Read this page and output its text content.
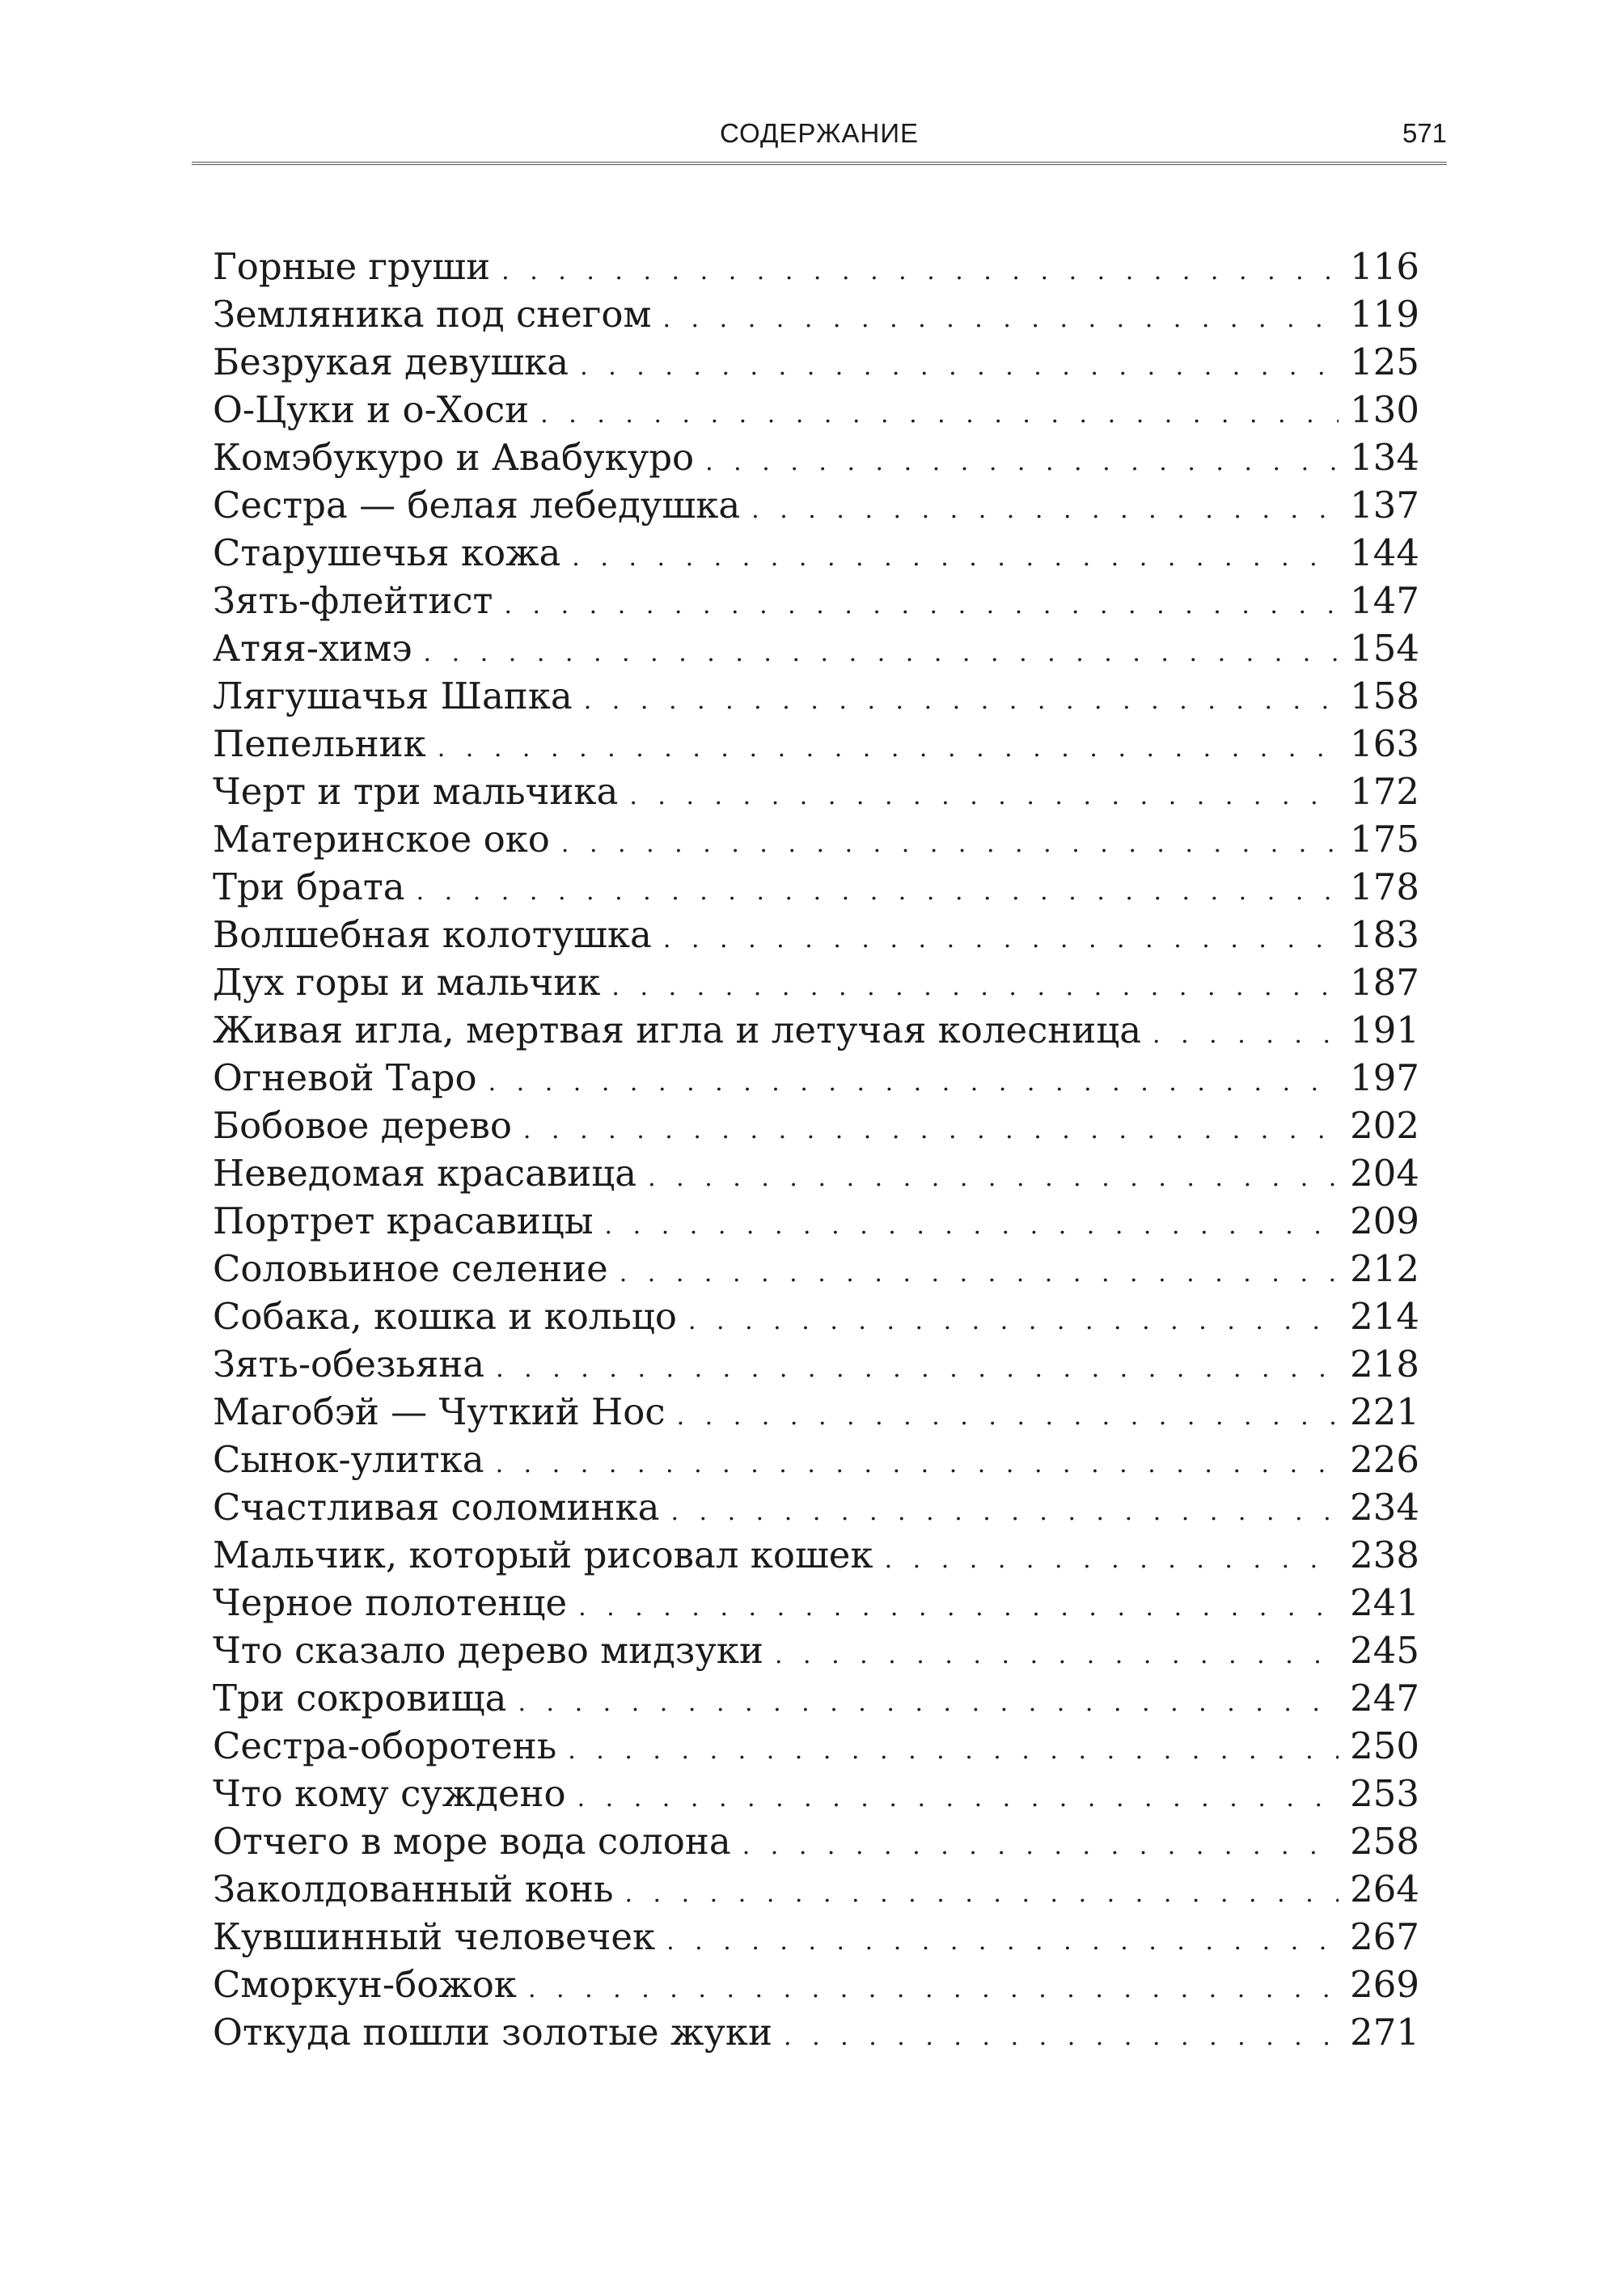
СОДЕРЖАНИЕ	571
Горные груши . . .	116
Земляника под снегом . . .	119
Безрукая девушка . . .	125
О-Цуки и о-Хоси . . .	130
Комэбукуро и Авабукуро . . .	134
Сестра — белая лебедушка . . .	137
Старушечья кожа . . .	144
Зять-флейтист . . .	147
Атяя-химэ . . .	154
Лягушачья Шапка . . .	158
Пепельник . . .	163
Черт и три мальчика . . .	172
Материнское око . . .	175
Три брата . . .	178
Волшебная колотушка . . .	183
Дух горы и мальчик . . .	187
Живая игла, мертвая игла и летучая колесница . . .	191
Огневой Таро . . .	197
Бобовое дерево . . .	202
Неведомая красавица . . .	204
Портрет красавицы . . .	209
Соловьиное селение . . .	212
Собака, кошка и кольцо . . .	214
Зять-обезьяна . . .	218
Магобэй — Чуткий Нос . . .	221
Сынок-улитка . . .	226
Счастливая соломинка . . .	234
Мальчик, который рисовал кошек . . .	238
Черное полотенце . . .	241
Что сказало дерево мидзуки . . .	245
Три сокровища . . .	247
Сестра-оборотень . . .	250
Что кому суждено . . .	253
Отчего в море вода солона . . .	258
Заколдованный конь . . .	264
Кувшинный человечек . . .	267
Сморкун-божок . . .	269
Откуда пошли золотые жуки . . .	271
